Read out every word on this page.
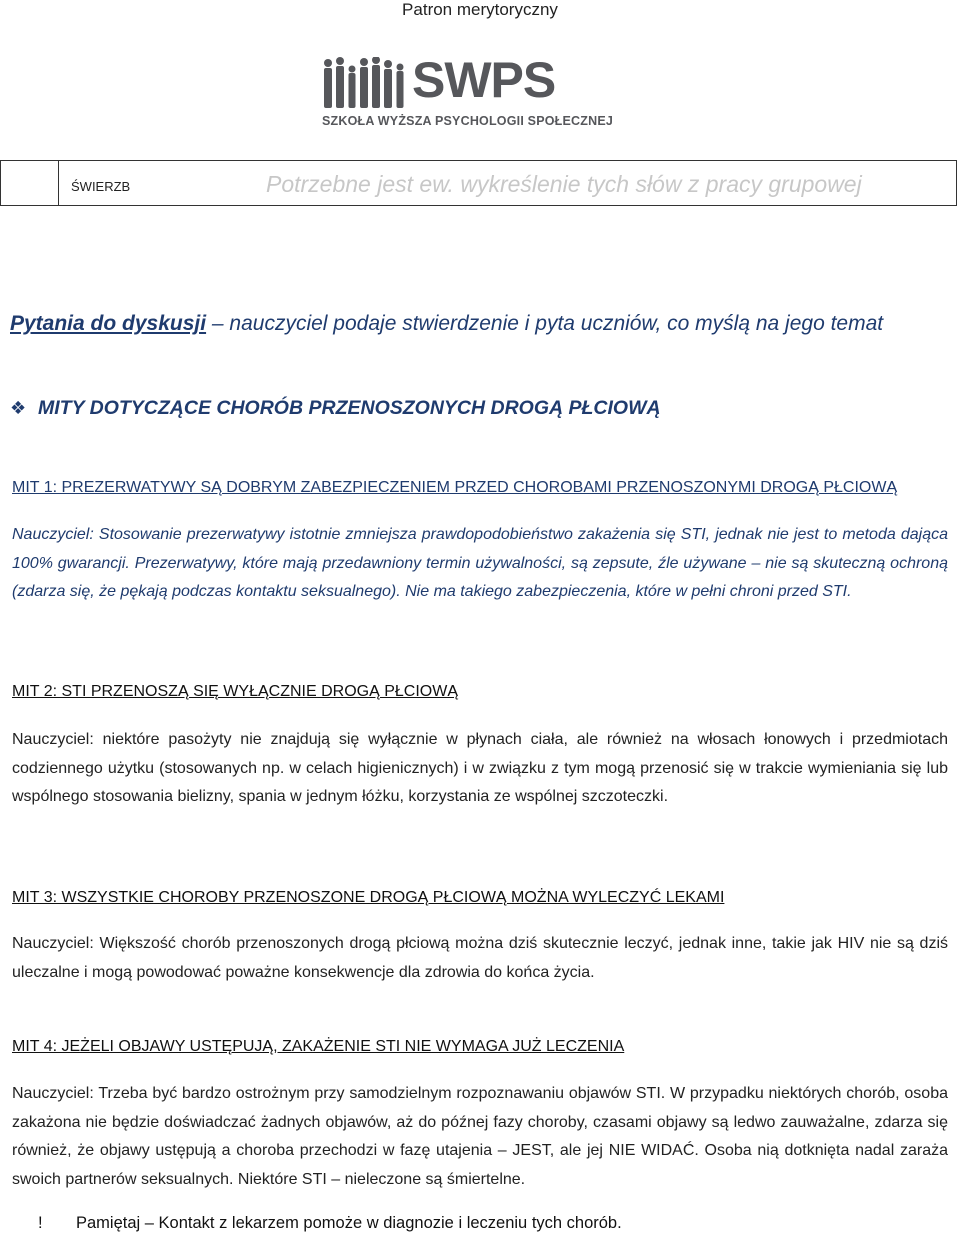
Patron merytoryczny
SWPS
SZKOŁA WYŻSZA PSYCHOLOGII SPOŁECZNEJ
ŚWIERZB	Potrzebne jest ew. wykreślenie tych słów z pracy grupowej
Pytania do dyskusji – nauczyciel podaje stwierdzenie i pyta uczniów, co myślą na jego temat
❖ MITY DOTYCZĄCE CHORÓB PRZENOSZONYCH DROGĄ PŁCIOWĄ
MIT 1: PREZERWATYWY SĄ DOBRYM ZABEZPIECZENIEM PRZED CHOROBAMI PRZENOSZONYMI DROGĄ PŁCIOWĄ
Nauczyciel: Stosowanie prezerwatywy istotnie zmniejsza prawdopodobieństwo zakażenia się STI, jednak nie jest to metoda dająca 100% gwarancji. Prezerwatywy, które mają przedawniony termin używalności, są zepsute, źle używane – nie są skuteczną ochroną (zdarza się, że pękają podczas kontaktu seksualnego). Nie ma takiego zabezpieczenia, które w pełni chroni przed STI.
MIT 2: STI PRZENOSZĄ SIĘ WYŁĄCZNIE DROGĄ PŁCIOWĄ
Nauczyciel: niektóre pasożyty nie znajdują się wyłącznie w płynach ciała, ale również na włosach łonowych i przedmiotach codziennego użytku (stosowanych np. w celach higienicznych) i w związku z tym mogą przenosić się w trakcie wymieniania się lub wspólnego stosowania bielizny, spania w jednym łóżku, korzystania ze wspólnej szczoteczki.
MIT 3: WSZYSTKIE CHOROBY PRZENOSZONE DROGĄ PŁCIOWĄ MOŻNA WYLECZYĆ LEKAMI
Nauczyciel: Większość chorób przenoszonych drogą płciową można dziś skutecznie leczyć, jednak inne, takie jak HIV nie są dziś uleczalne i mogą powodować poważne konsekwencje dla zdrowia do końca życia.
MIT 4: JEŻELI OBJAWY USTĘPUJĄ, ZAKAŻENIE STI NIE WYMAGA JUŻ LECZENIA
Nauczyciel: Trzeba być bardzo ostrożnym przy samodzielnym rozpoznawaniu objawów STI. W przypadku niektórych chorób, osoba zakażona nie będzie doświadczać żadnych objawów, aż do późnej fazy choroby, czasami objawy są ledwo zauważalne, zdarza się również, że objawy ustępują a choroba przechodzi w fazę utajenia – JEST, ale jej NIE WIDAĆ. Osoba nią dotknięta nadal zaraża swoich partnerów seksualnych. Niektóre STI – nieleczone są śmiertelne.
! Pamiętaj – Kontakt z lekarzem pomoże w diagnozie i leczeniu tych chorób.
